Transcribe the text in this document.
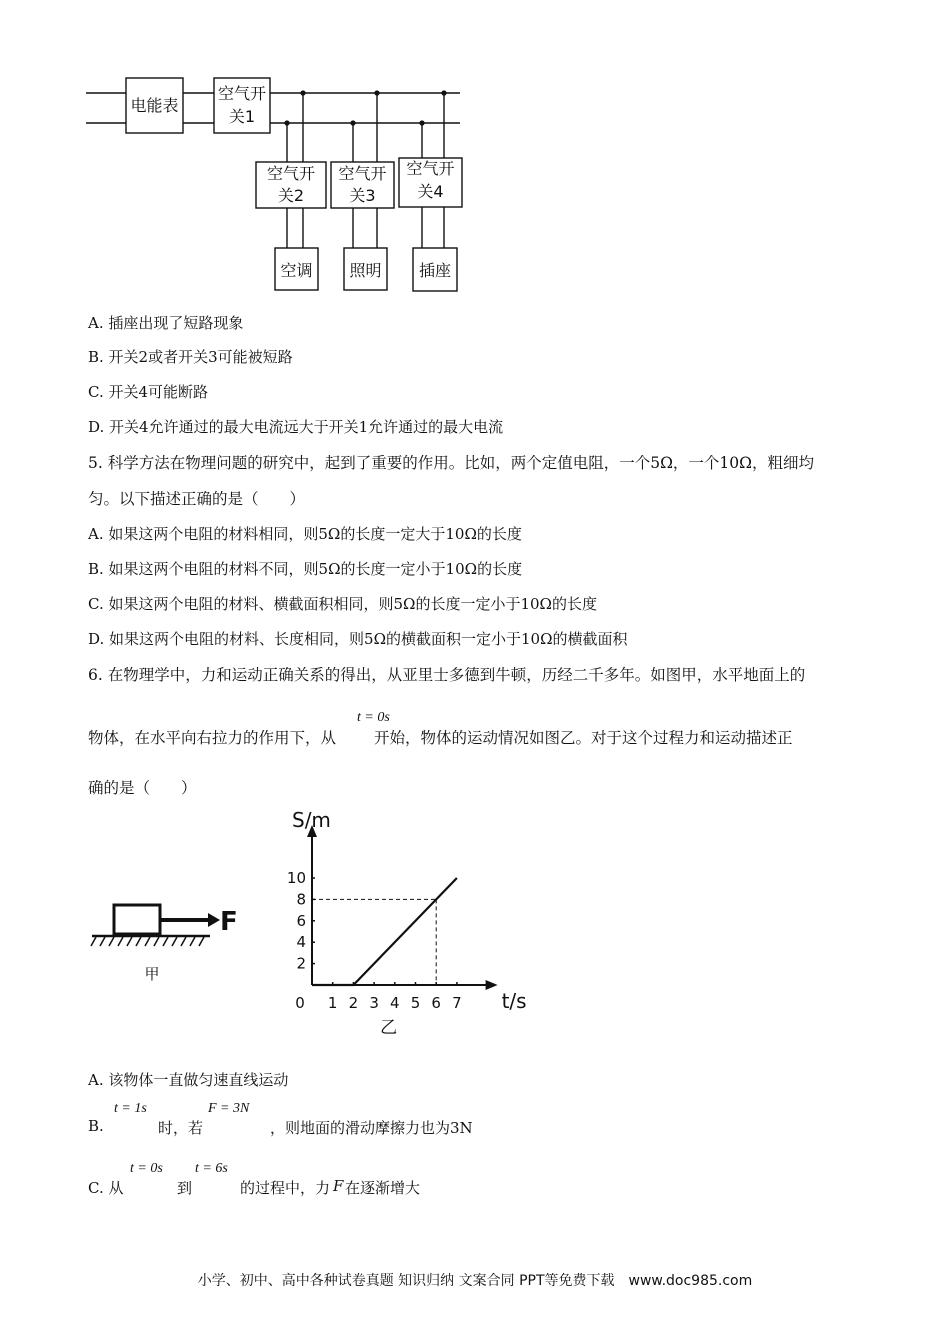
电能表
空气开
关1
空气开
关2
空气开
关3
空气开
关4
空调 照明 插座
A. 插座出现了短路现象
B. 开关2或者开关3可能被短路
C. 开关4可能断路
D. 开关4允许通过的最大电流远大于开关1允许通过的最大电流
5. 科学方法在物理问题的研究中，起到了重要的作用。比如，两个定值电阻，一个5Ω，一个10Ω，粗细均
匀。以下描述正确的是（　　）
A. 如果这两个电阻的材料相同，则5Ω的长度一定大于10Ω的长度
B. 如果这两个电阻的材料不同，则5Ω的长度一定小于10Ω的长度
C. 如果这两个电阻的材料、横截面积相同，则5Ω的长度一定小于10Ω的长度
D. 如果这两个电阻的材料、长度相同，则5Ω的横截面积一定小于10Ω的横截面积
6. 在物理学中，力和运动正确关系的得出，从亚里士多德到牛顿，历经二千多年。如图甲，水平地面上的
物体，在水平向右拉力的作用下，从
t = 0s
开始，物体的运动情况如图乙。对于这个过程力和运动描述正
确的是（　　）
F
甲
S/m
t/s
0 1 2 3 4 5 6 7
2
4
6
8
10
乙
A. 该物体一直做匀速直线运动
B.
t = 1s
时，若
F = 3N
，则地面的滑动摩擦力也为3N
C. 从
t = 0s
到
t = 6s
的过程中，力 F 在逐渐增大
小学、初中、高中各种试卷真题 知识归纳 文案合同 PPT等免费下载　www.doc985.com
